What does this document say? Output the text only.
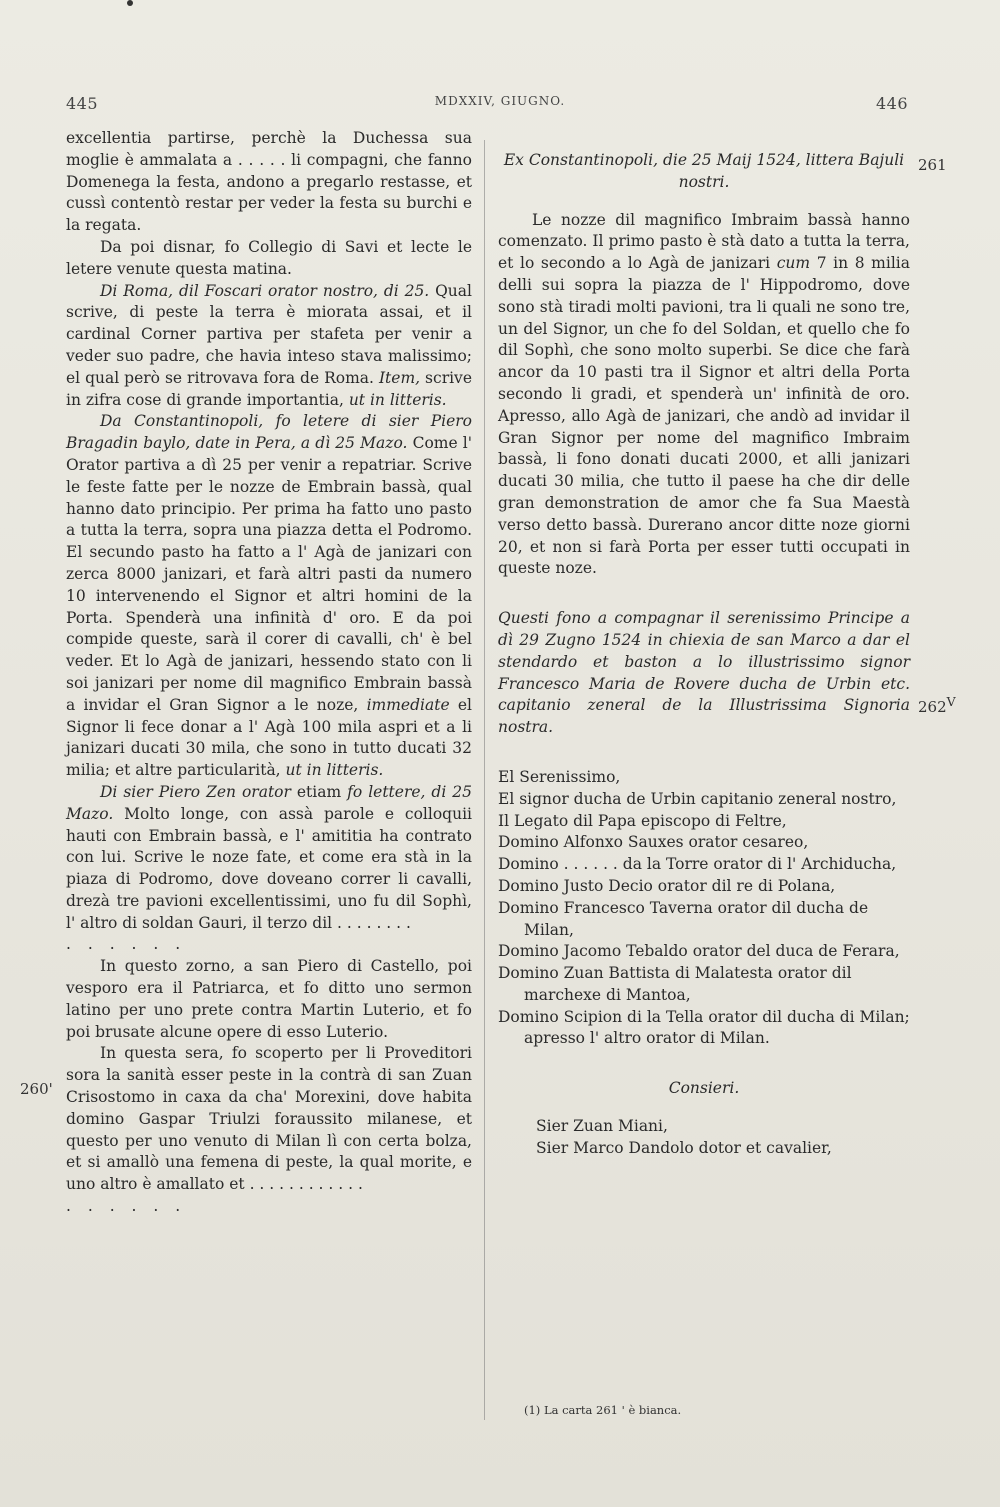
445	MDXXIV, GIUGNO.	446

excellentia partirse, perchè la Duchessa sua moglie è ammalata a . . . . . li compagni, che fanno Domenega la festa, andono a pregarlo restasse, et cussì contentò restar per veder la festa su burchi e la regata.

Da poi disnar, fo Collegio di Savi et lecte le letere venute questa matina.

Di Roma, dil Foscari orator nostro, di 25. Qual scrive, di peste la terra è miorata assai, et il cardinal Corner partiva per stafeta per venir a veder suo padre, che havia inteso stava malissimo; el qual però se ritrovava fora de Roma. Item, scrive in zifra cose di grande importantia, ut in litteris.

Da Constantinopoli, fo letere di sier Piero Bragadin baylo, date in Pera, a dì 25 Mazo. Come l' Orator partiva a dì 25 per venir a repatriar. Scrive le feste fatte per le nozze de Embrain bassà, qual hanno dato principio. Per prima ha fatto uno pasto a tutta la terra, sopra una piazza detta el Podromo. El secundo pasto ha fatto a l' Agà de janizari con zerca 8000 janizari, et farà altri pasti da numero 10 intervenendo el Signor et altri homini de la Porta. Spenderà una infinità d' oro. E da poi compide queste, sarà il corer di cavalli, ch' è bel veder. Et lo Agà de janizari, hessendo stato con li soi janizari per nome dil magnifico Embrain bassà a invidar el Gran Signor a le noze, immediate el Signor li fece donar a l' Agà 100 mila aspri et a li janizari ducati 30 mila, che sono in tutto ducati 32 milia; et altre particularità, ut in litteris.

Di sier Piero Zen orator etiam fo lettere, di 25 Mazo. Molto longe, con assà parole e colloquii hauti con Embrain bassà, e l' amititia ha contrato con lui. Scrive le noze fate, et come era stà in la piaza di Podromo, dove doveano correr li cavalli, drezà tre pavioni excellentissimi, uno fu dil Sophì, l' altro di soldan Gauri, il terzo dil . . . . . . . .

. . . . . .

In questo zorno, a san Piero di Castello, poi vesporo era il Patriarca, et fo ditto uno sermon latino per uno prete contra Martin Luterio, et fo poi brusate alcune opere di esso Luterio.

In questa sera, fo scoperto per li Proveditori sora la sanità esser peste in la contrà di san Zuan Crisostomo in caxa da cha' Morexini, dove habita domino Gaspar Triulzi foraussito milanese, et questo per uno venuto di Milan lì con certa bolza, et si amallò una femena di peste, la qual morite, e uno altro è amallato et . . . . . . . . . . . .

. . . . . .

Ex Constantinopoli, die 25 Maij 1524, littera Bajuli nostri.

Le nozze dil magnifico Imbraim bassà hanno comenzato. Il primo pasto è stà dato a tutta la terra, et lo secondo a lo Agà de janizari cum 7 in 8 milia delli sui sopra la piazza de l' Hippodromo, dove sono stà tiradi molti pavioni, tra li quali ne sono tre, un del Signor, un che fo del Soldan, et quello che fo dil Sophì, che sono molto superbi. Se dice che farà ancor da 10 pasti tra il Signor et altri della Porta secondo li gradi, et spenderà un' infinità de oro. Apresso, allo Agà de janizari, che andò ad invidar il Gran Signor per nome del magnifico Imbraim bassà, li fono donati ducati 2000, et alli janizari ducati 30 milia, che tutto il paese ha che dir delle gran demonstration de amor che fa Sua Maestà verso detto bassà. Durerano ancor ditte noze giorni 20, et non si farà Porta per esser tutti occupati in queste noze.

Questi fono a compagnar il serenissimo Principe a dì 29 Zugno 1524 in chiexia de san Marco a dar el stendardo et baston a lo illustrissimo signor Francesco Maria de Rovere ducha de Urbin etc. capitanio zeneral de la Illustrissima Signoria nostra.

El Serenissimo,

El signor ducha de Urbin capitanio zeneral nostro,

Il Legato dil Papa episcopo di Feltre,

Domino Alfonxo Sauxes orator cesareo,

Domino . . . . . . da la Torre orator di l' Archiducha,

Domino Justo Decio orator dil re di Polana,

Domino Francesco Taverna orator dil ducha de Milan,

Domino Jacomo Tebaldo orator del duca de Ferara,

Domino Zuan Battista di Malatesta orator dil marchexe di Mantoa,

Domino Scipion di la Tella orator dil ducha di Milan; apresso l' altro orator di Milan.

Consieri.

Sier Zuan Miani,

Sier Marco Dandolo dotor et cavalier,

261
$262^V$
260'
(1) La carta 261 ' è bianca.
